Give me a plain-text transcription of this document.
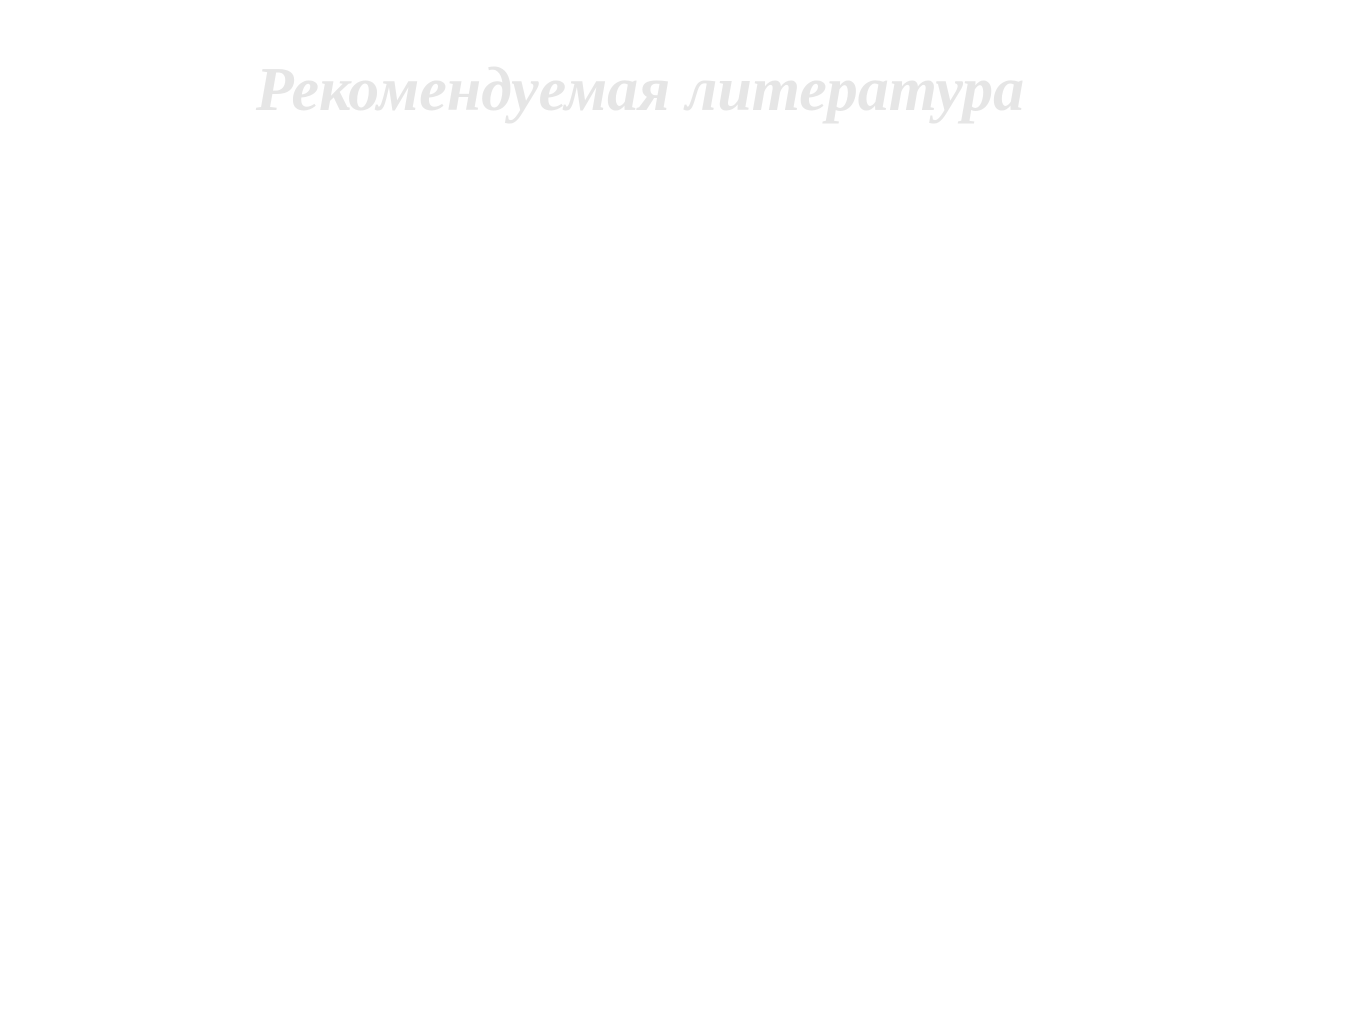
Рекомендуемая литература
